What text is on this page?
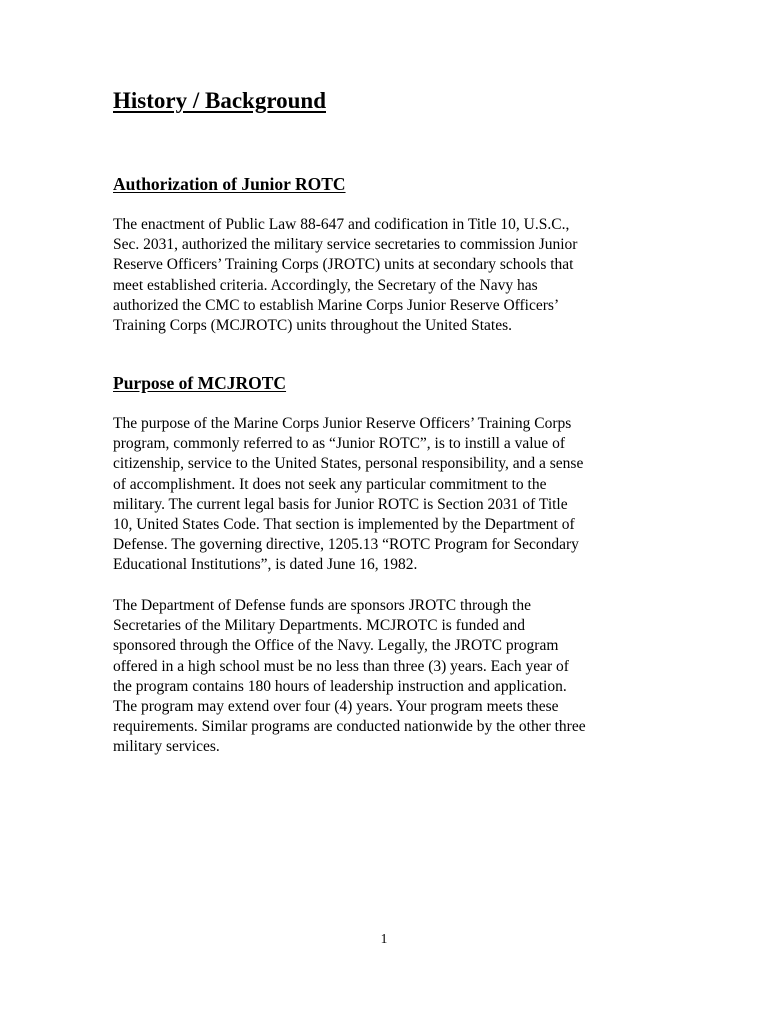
History / Background
Authorization of Junior ROTC

The enactment of Public Law 88-647 and codification in Title 10, U.S.C.,
Sec. 2031, authorized the military service secretaries to commission Junior
Reserve Officers’ Training Corps (JROTC) units at secondary schools that
meet established criteria. Accordingly, the Secretary of the Navy has
authorized the CMC to establish Marine Corps Junior Reserve Officers’
Training Corps (MCJROTC) units throughout the United States.

Purpose of MCJROTC

The purpose of the Marine Corps Junior Reserve Officers’ Training Corps
program, commonly referred to as “Junior ROTC”, is to instill a value of
citizenship, service to the United States, personal responsibility, and a sense
of accomplishment. It does not seek any particular commitment to the
military. The current legal basis for Junior ROTC is Section 2031 of Title
10, United States Code. That section is implemented by the Department of
Defense. The governing directive, 1205.13 “ROTC Program for Secondary
Educational Institutions”, is dated June 16, 1982.

The Department of Defense funds are sponsors JROTC through the
Secretaries of the Military Departments. MCJROTC is funded and
sponsored through the Office of the Navy. Legally, the JROTC program
offered in a high school must be no less than three (3) years. Each year of
the program contains 180 hours of leadership instruction and application.
The program may extend over four (4) years. Your program meets these
requirements. Similar programs are conducted nationwide by the other three
military services.

1
